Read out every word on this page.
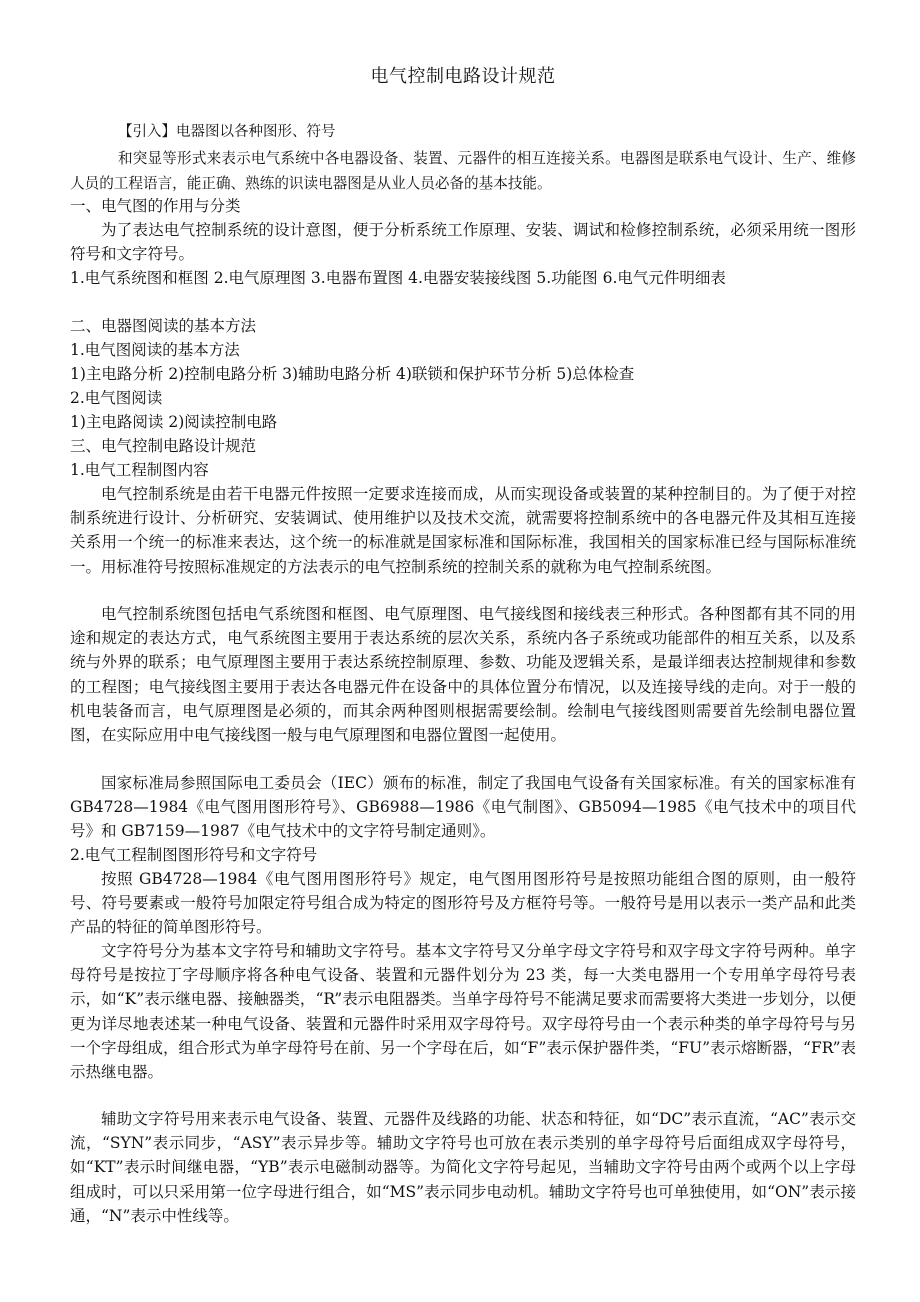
电气控制电路设计规范
【引入】电器图以各种图形、符号
和突显等形式来表示电气系统中各电器设备、装置、元器件的相互连接关系。电器图是联系电气设计、生产、维修人员的工程语言，能正确、熟练的识读电器图是从业人员必备的基本技能。
一、电气图的作用与分类
为了表达电气控制系统的设计意图，便于分析系统工作原理、安装、调试和检修控制系统，必须采用统一图形符号和文字符号。
1.电气系统图和框图 2.电气原理图 3.电器布置图 4.电器安装接线图 5.功能图 6.电气元件明细表
二、电器图阅读的基本方法
1.电气图阅读的基本方法
1)主电路分析 2)控制电路分析 3)辅助电路分析 4)联锁和保护环节分析 5)总体检查
2.电气图阅读
1)主电路阅读 2)阅读控制电路
三、电气控制电路设计规范
1.电气工程制图内容
电气控制系统是由若干电器元件按照一定要求连接而成，从而实现设备或装置的某种控制目的。为了便于对控制系统进行设计、分析研究、安装调试、使用维护以及技术交流，就需要将控制系统中的各电器元件及其相互连接关系用一个统一的标准来表达，这个统一的标准就是国家标准和国际标准，我国相关的国家标准已经与国际标准统一。用标准符号按照标准规定的方法表示的电气控制系统的控制关系的就称为电气控制系统图。
电气控制系统图包括电气系统图和框图、电气原理图、电气接线图和接线表三种形式。各种图都有其不同的用途和规定的表达方式，电气系统图主要用于表达系统的层次关系，系统内各子系统或功能部件的相互关系，以及系统与外界的联系；电气原理图主要用于表达系统控制原理、参数、功能及逻辑关系，是最详细表达控制规律和参数的工程图；电气接线图主要用于表达各电器元件在设备中的具体位置分布情况，以及连接导线的走向。对于一般的机电装备而言，电气原理图是必须的，而其余两种图则根据需要绘制。绘制电气接线图则需要首先绘制电器位置图，在实际应用中电气接线图一般与电气原理图和电器位置图一起使用。
国家标准局参照国际电工委员会（IEC）颁布的标准，制定了我国电气设备有关国家标准。有关的国家标准有 GB4728—1984《电气图用图形符号》、GB6988—1986《电气制图》、GB5094—1985《电气技术中的项目代号》和 GB7159—1987《电气技术中的文字符号制定通则》。
2.电气工程制图图形符号和文字符号
按照 GB4728—1984《电气图用图形符号》规定，电气图用图形符号是按照功能组合图的原则，由一般符号、符号要素或一般符号加限定符号组合成为特定的图形符号及方框符号等。一般符号是用以表示一类产品和此类产品的特征的简单图形符号。
文字符号分为基本文字符号和辅助文字符号。基本文字符号又分单字母文字符号和双字母文字符号两种。单字母符号是按拉丁字母顺序将各种电气设备、装置和元器件划分为 23 类，每一大类电器用一个专用单字母符号表示，如“K”表示继电器、接触器类，“R”表示电阻器类。当单字母符号不能满足要求而需要将大类进一步划分，以便更为详尽地表述某一种电气设备、装置和元器件时采用双字母符号。双字母符号由一个表示种类的单字母符号与另一个字母组成，组合形式为单字母符号在前、另一个字母在后，如“F”表示保护器件类，“FU”表示熔断器，“FR”表示热继电器。
辅助文字符号用来表示电气设备、装置、元器件及线路的功能、状态和特征，如“DC”表示直流，“AC”表示交流，“SYN”表示同步，“ASY”表示异步等。辅助文字符号也可放在表示类别的单字母符号后面组成双字母符号，如“KT”表示时间继电器，“YB”表示电磁制动器等。为简化文字符号起见，当辅助文字符号由两个或两个以上字母组成时，可以只采用第一位字母进行组合，如“MS”表示同步电动机。辅助文字符号也可单独使用，如“ON”表示接通，“N”表示中性线等。
